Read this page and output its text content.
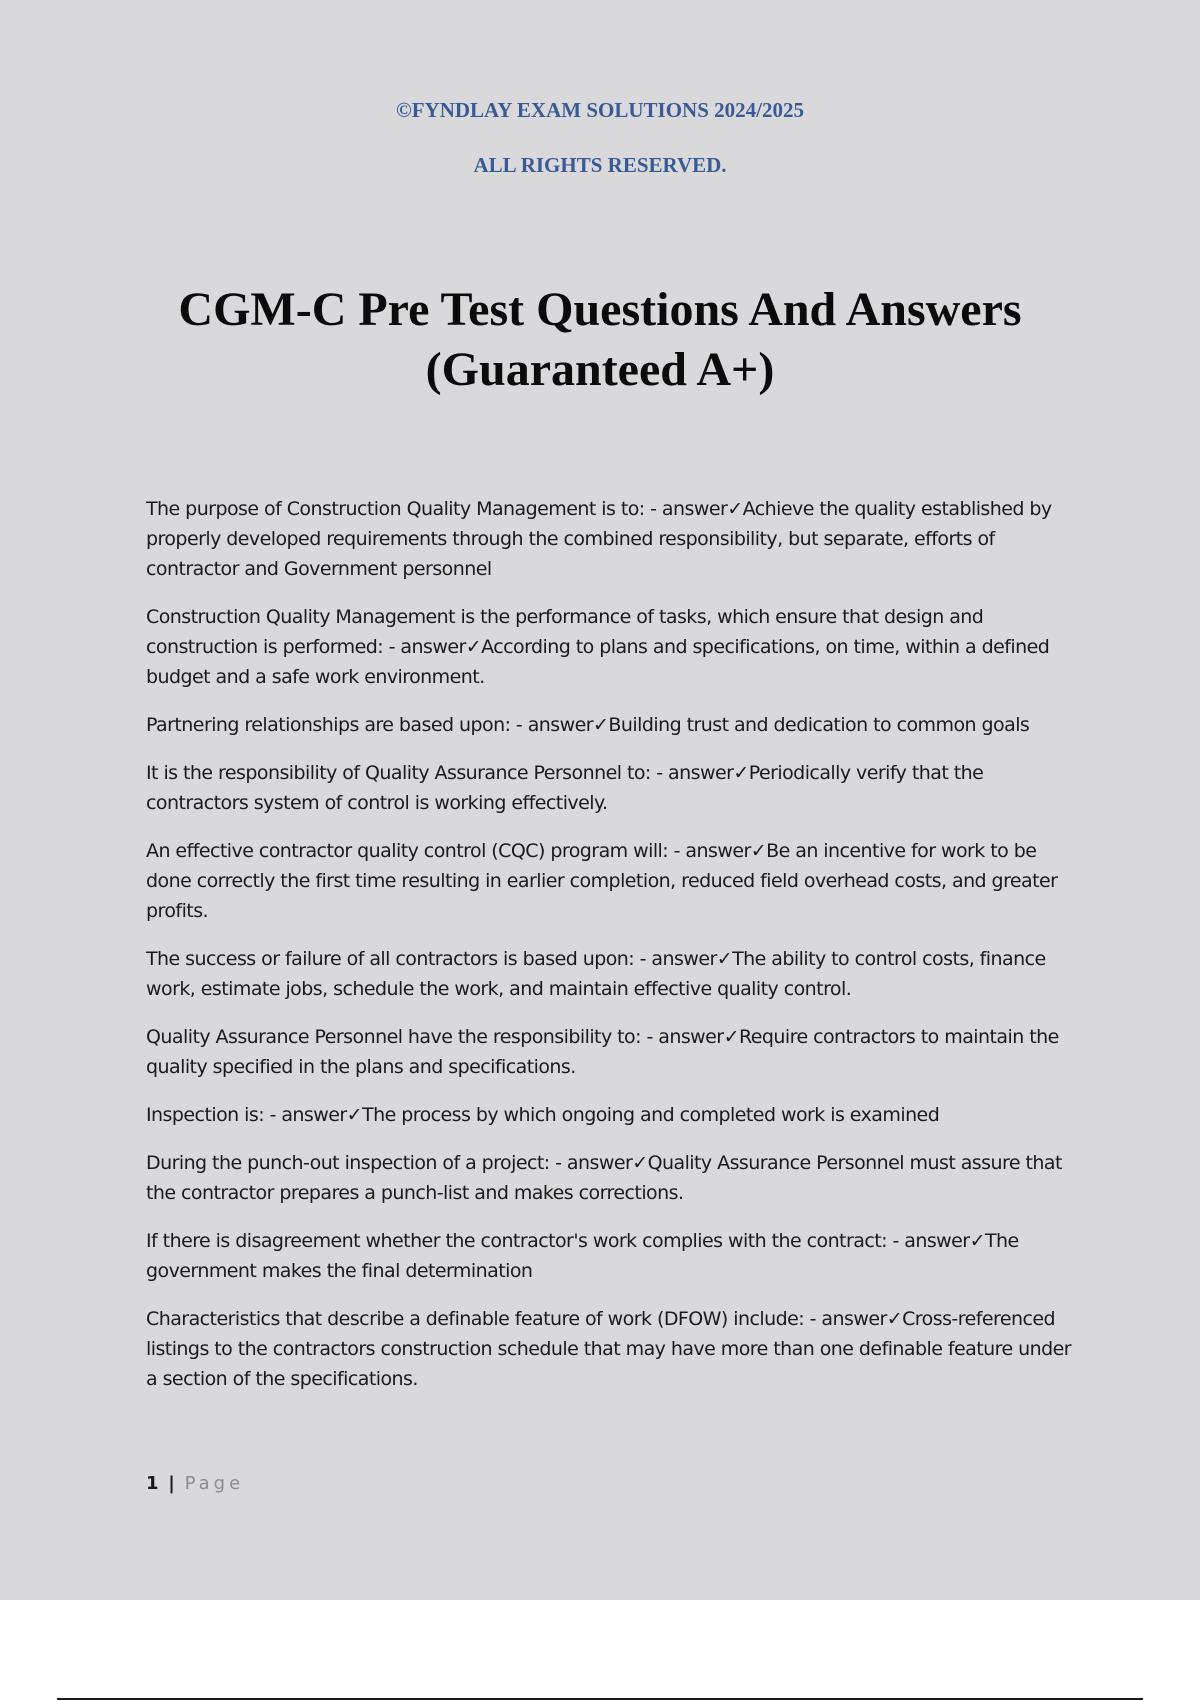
©FYNDLAY EXAM SOLUTIONS 2024/2025
ALL RIGHTS RESERVED.
CGM-C Pre Test Questions And Answers
(Guaranteed A+)

The purpose of Construction Quality Management is to: - answer✓Achieve the quality established by properly developed requirements through the combined responsibility, but separate, efforts of contractor and Government personnel

Construction Quality Management is the performance of tasks, which ensure that design and construction is performed: - answer✓According to plans and specifications, on time, within a defined budget and a safe work environment.

Partnering relationships are based upon: - answer✓Building trust and dedication to common goals

It is the responsibility of Quality Assurance Personnel to: - answer✓Periodically verify that the contractors system of control is working effectively.

An effective contractor quality control (CQC) program will: - answer✓Be an incentive for work to be done correctly the first time resulting in earlier completion, reduced field overhead costs, and greater profits.

The success or failure of all contractors is based upon: - answer✓The ability to control costs, finance work, estimate jobs, schedule the work, and maintain effective quality control.

Quality Assurance Personnel have the responsibility to: - answer✓Require contractors to maintain the quality specified in the plans and specifications.

Inspection is: - answer✓The process by which ongoing and completed work is examined

During the punch-out inspection of a project: - answer✓Quality Assurance Personnel must assure that the contractor prepares a punch-list and makes corrections.

If there is disagreement whether the contractor's work complies with the contract: - answer✓The government makes the final determination

Characteristics that describe a definable feature of work (DFOW) include: - answer✓Cross-referenced listings to the contractors construction schedule that may have more than one definable feature under a section of the specifications.

1 | Page
